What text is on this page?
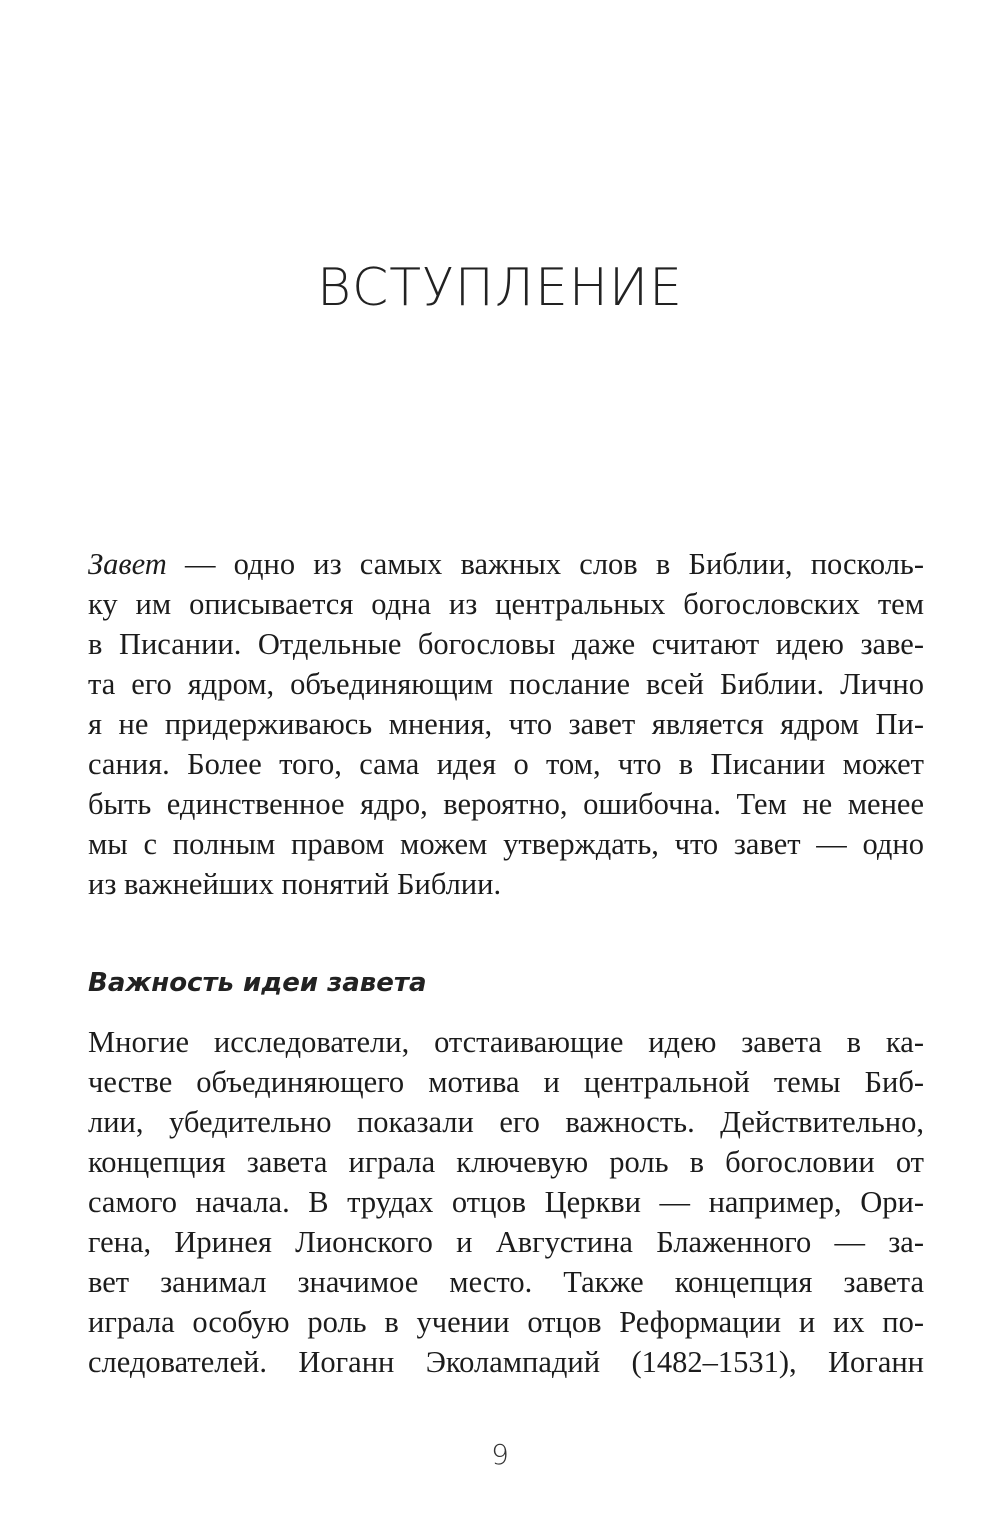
ВСТУПЛЕНИЕ
Завет — одно из самых важных слов в Библии, посколь-
ку им описывается одна из центральных богословских тем
в Писании. Отдельные богословы даже считают идею заве-
та его ядром, объединяющим послание всей Библии. Лично
я не придерживаюсь мнения, что завет является ядром Пи-
сания. Более того, сама идея о том, что в Писании может
быть единственное ядро, вероятно, ошибочна. Тем не менее
мы с полным правом можем утверждать, что завет — одно
из важнейших понятий Библии.
Важность идеи завета
Многие исследователи, отстаивающие идею завета в ка-
честве объединяющего мотива и центральной темы Биб-
лии, убедительно показали его важность. Действительно,
концепция завета играла ключевую роль в богословии от
самого начала. В трудах отцов Церкви — например, Ори-
гена, Иринея Лионского и Августина Блаженного — за-
вет занимал значимое место. Также концепция завета
играла особую роль в учении отцов Реформации и их по-
следователей. Иоганн Эколампадий (1482–1531), Иоганн
9
